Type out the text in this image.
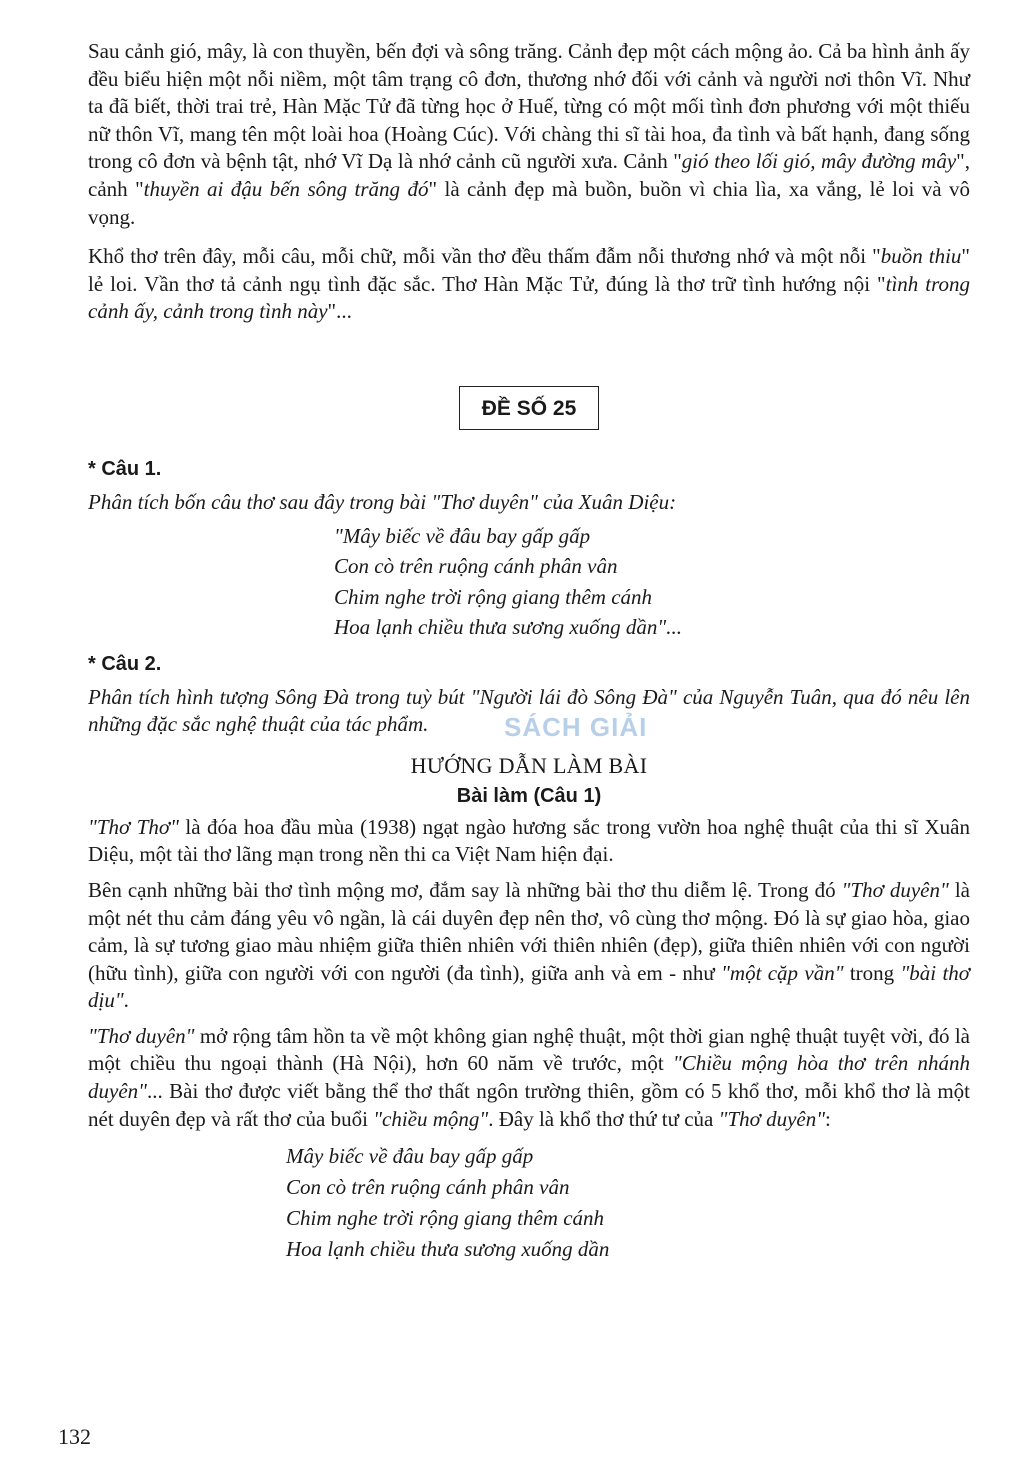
Sau cảnh gió, mây, là con thuyền, bến đợi và sông trăng. Cảnh đẹp một cách mộng ảo. Cả ba hình ảnh ấy đều biểu hiện một nỗi niềm, một tâm trạng cô đơn, thương nhớ đối với cảnh và người nơi thôn Vĩ. Như ta đã biết, thời trai trẻ, Hàn Mặc Tử đã từng học ở Huế, từng có một mối tình đơn phương với một thiếu nữ thôn Vĩ, mang tên một loài hoa (Hoàng Cúc). Với chàng thi sĩ tài hoa, đa tình và bất hạnh, đang sống trong cô đơn và bệnh tật, nhớ Vĩ Dạ là nhớ cảnh cũ người xưa. Cảnh "gió theo lối gió, mây đường mây", cảnh "thuyền ai đậu bến sông trăng đó" là cảnh đẹp mà buồn, buồn vì chia lìa, xa vắng, lẻ loi và vô vọng.

Khổ thơ trên đây, mỗi câu, mỗi chữ, mỗi vần thơ đều thấm đẫm nỗi thương nhớ và một nỗi "buồn thiu" lẻ loi. Vần thơ tả cảnh ngụ tình đặc sắc. Thơ Hàn Mặc Tử, đúng là thơ trữ tình hướng nội "tình trong cảnh ấy, cảnh trong tình này"...

ĐỀ SỐ 25
* Câu 1.

Phân tích bốn câu thơ sau đây trong bài "Thơ duyên" của Xuân Diệu:

"Mây biếc về đâu bay gấp gấp
Con cò trên ruộng cánh phân vân
Chim nghe trời rộng giang thêm cánh
Hoa lạnh chiều thưa sương xuống dần"...
* Câu 2.

Phân tích hình tượng Sông Đà trong tuỳ bút "Người lái đò Sông Đà" của Nguyễn Tuân, qua đó nêu lên những đặc sắc nghệ thuật của tác phẩm.

HƯỚNG DẪN LÀM BÀI
Bài làm (Câu 1)

"Thơ Thơ" là đóa hoa đầu mùa (1938) ngạt ngào hương sắc trong vườn hoa nghệ thuật của thi sĩ Xuân Diệu, một tài thơ lãng mạn trong nền thi ca Việt Nam hiện đại.

Bên cạnh những bài thơ tình mộng mơ, đắm say là những bài thơ thu diễm lệ. Trong đó "Thơ duyên" là một nét thu cảm đáng yêu vô ngần, là cái duyên đẹp nên thơ, vô cùng thơ mộng. Đó là sự giao hòa, giao cảm, là sự tương giao màu nhiệm giữa thiên nhiên với thiên nhiên (đẹp), giữa thiên nhiên với con người (hữu tình), giữa con người với con người (đa tình), giữa anh và em - như "một cặp vần" trong "bài thơ dịu".

"Thơ duyên" mở rộng tâm hồn ta về một không gian nghệ thuật, một thời gian nghệ thuật tuyệt vời, đó là một chiều thu ngoại thành (Hà Nội), hơn 60 năm về trước, một "Chiều mộng hòa thơ trên nhánh duyên"... Bài thơ được viết bằng thể thơ thất ngôn trường thiên, gồm có 5 khổ thơ, mỗi khổ thơ là một nét duyên đẹp và rất thơ của buổi "chiều mộng". Đây là khổ thơ thứ tư của "Thơ duyên":

Mây biếc về đâu bay gấp gấp
Con cò trên ruộng cánh phân vân
Chim nghe trời rộng giang thêm cánh
Hoa lạnh chiều thưa sương xuống dần
SÁCH GIẢI
132
